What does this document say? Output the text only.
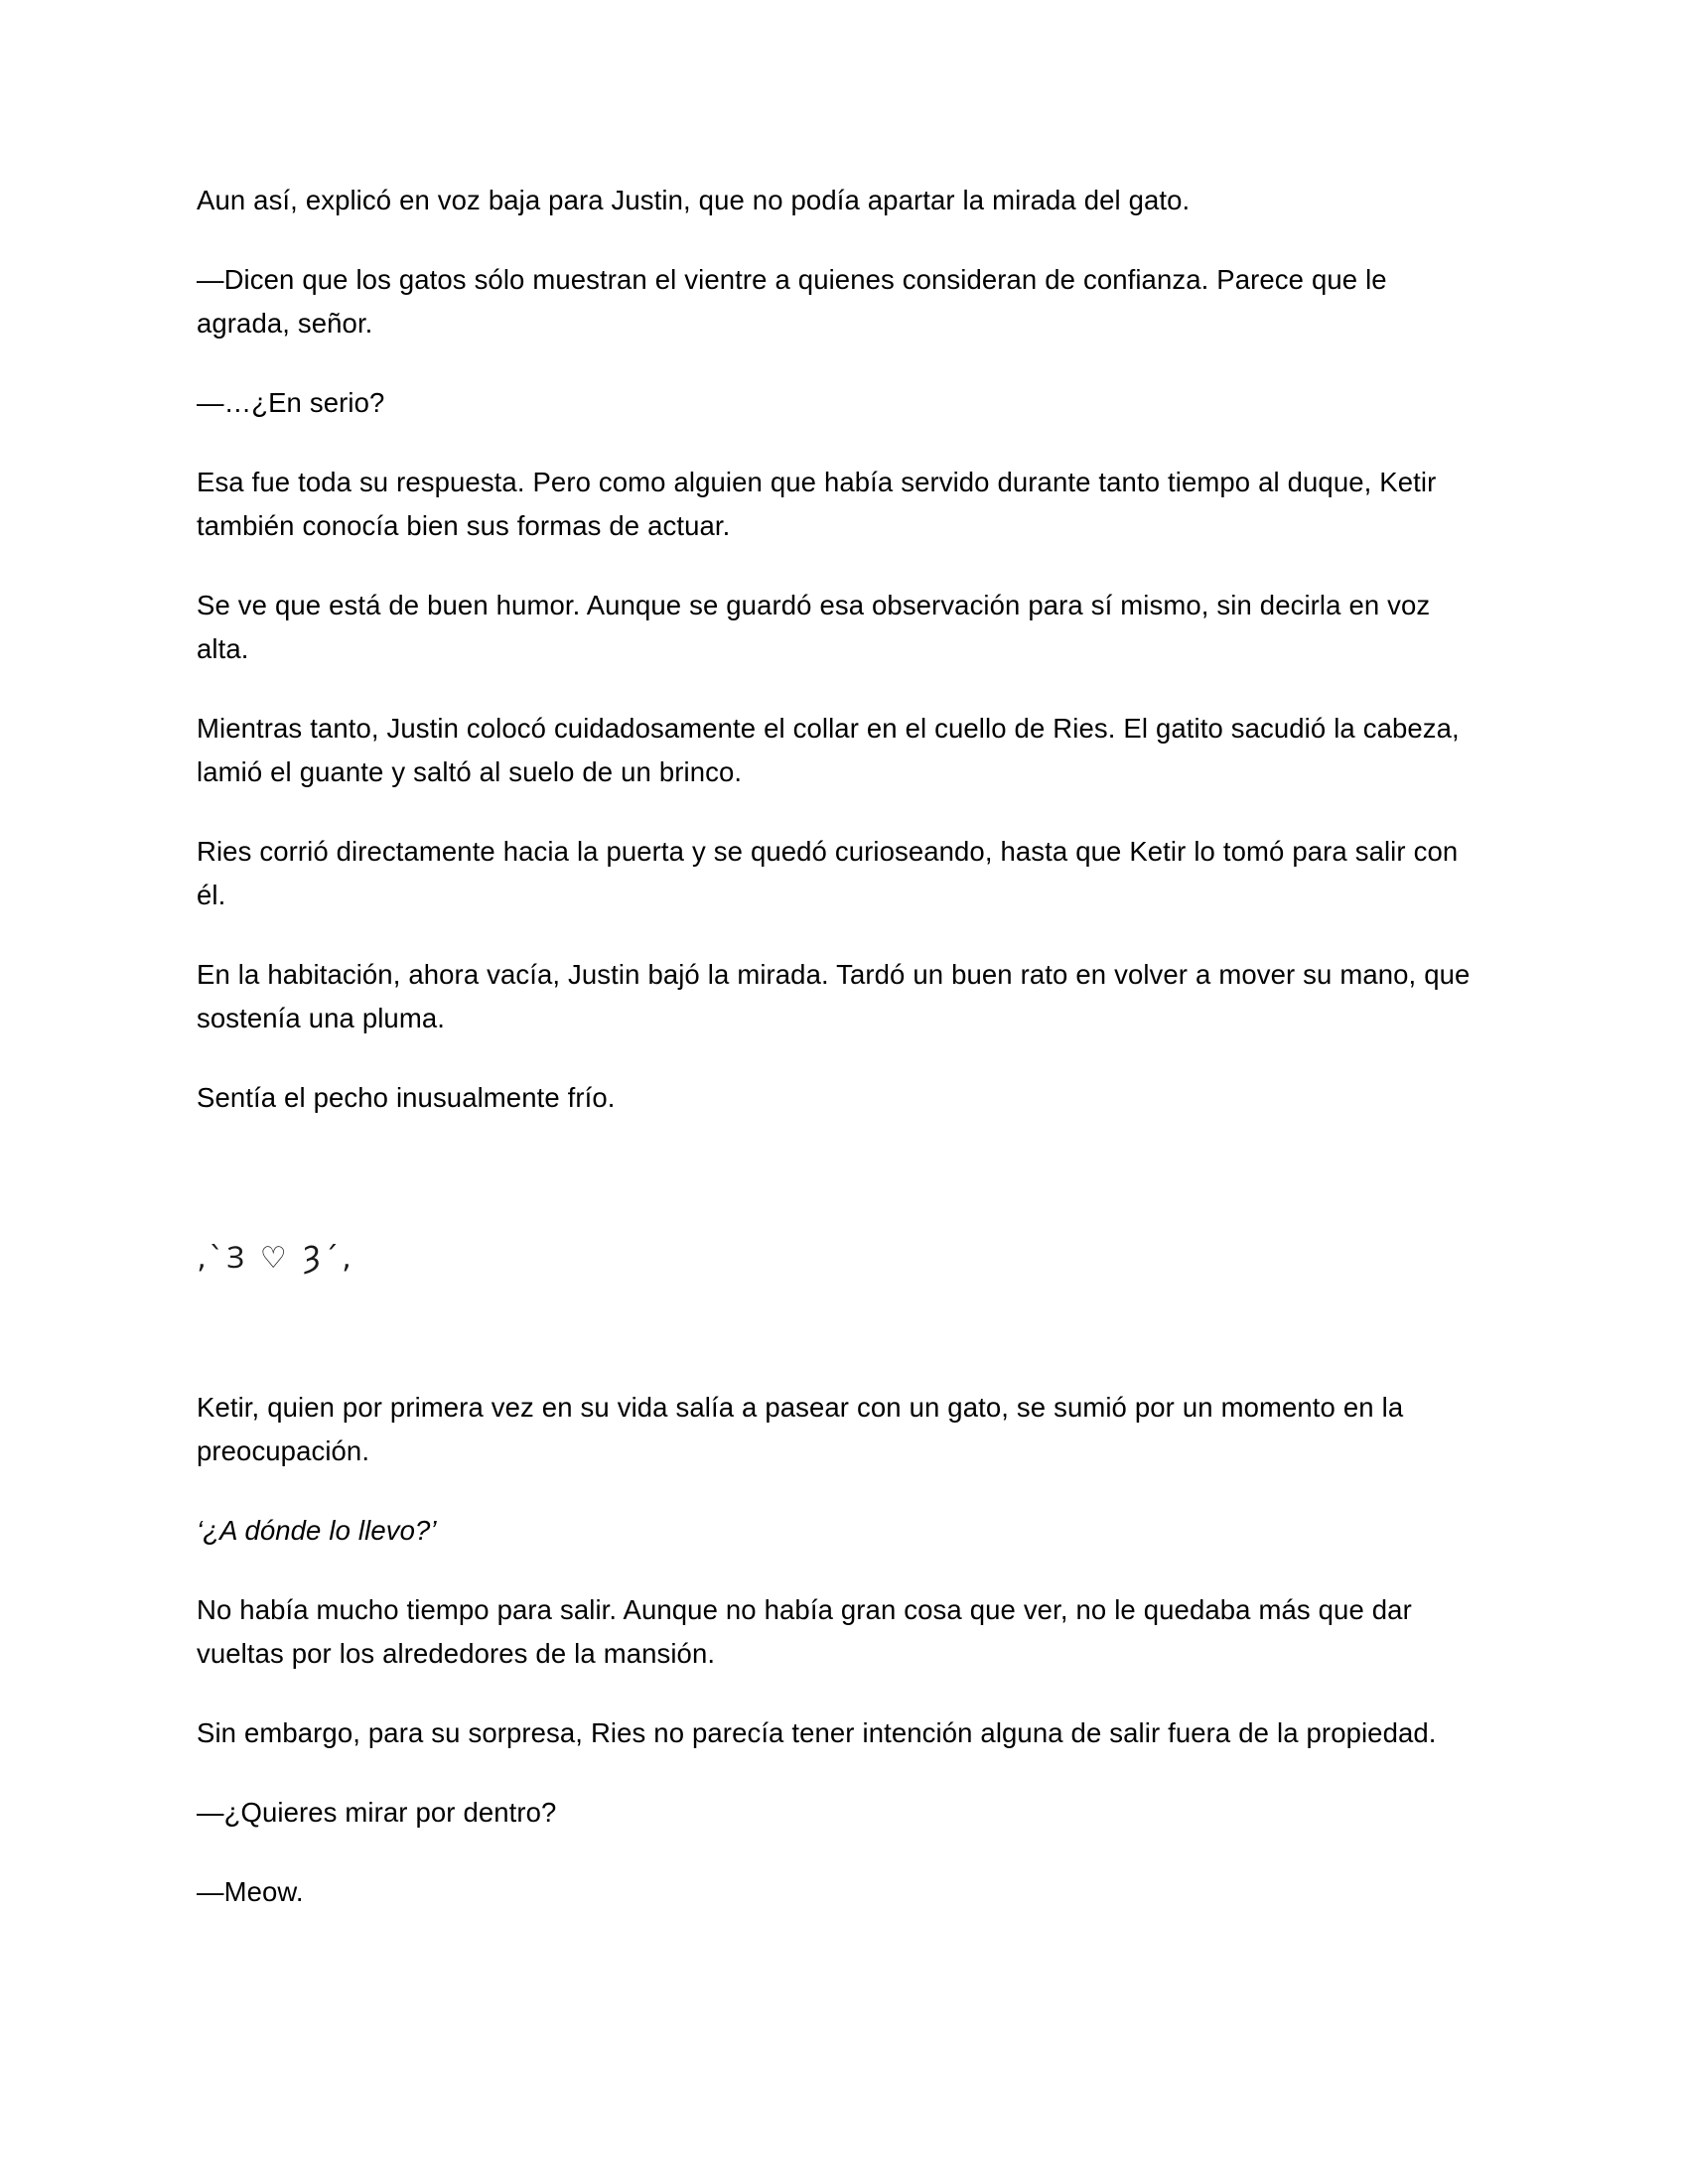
Aun así, explicó en voz baja para Justin, que no podía apartar la mirada del gato.

—Dicen que los gatos sólo muestran el vientre a quienes consideran de confianza. Parece que le agrada, señor.

—…¿En serio?

Esa fue toda su respuesta. Pero como alguien que había servido durante tanto tiempo al duque, Ketir también conocía bien sus formas de actuar.

Se ve que está de buen humor. Aunque se guardó esa observación para sí mismo, sin decirla en voz alta.

Mientras tanto, Justin colocó cuidadosamente el collar en el cuello de Ries. El gatito sacudió la cabeza, lamió el guante y saltó al suelo de un brinco.

Ries corrió directamente hacia la puerta y se quedó curioseando, hasta que Ketir lo tomó para salir con él.

En la habitación, ahora vacía, Justin bajó la mirada. Tardó un buen rato en volver a mover su mano, que sostenía una pluma.

Sentía el pecho inusualmente frío.

‚`Ɜ ♡ Ȝ´‚

Ketir, quien por primera vez en su vida salía a pasear con un gato, se sumió por un momento en la preocupación.

‘¿A dónde lo llevo?’

No había mucho tiempo para salir. Aunque no había gran cosa que ver, no le quedaba más que dar vueltas por los alrededores de la mansión.

Sin embargo, para su sorpresa, Ries no parecía tener intención alguna de salir fuera de la propiedad.

—¿Quieres mirar por dentro?

—Meow.
